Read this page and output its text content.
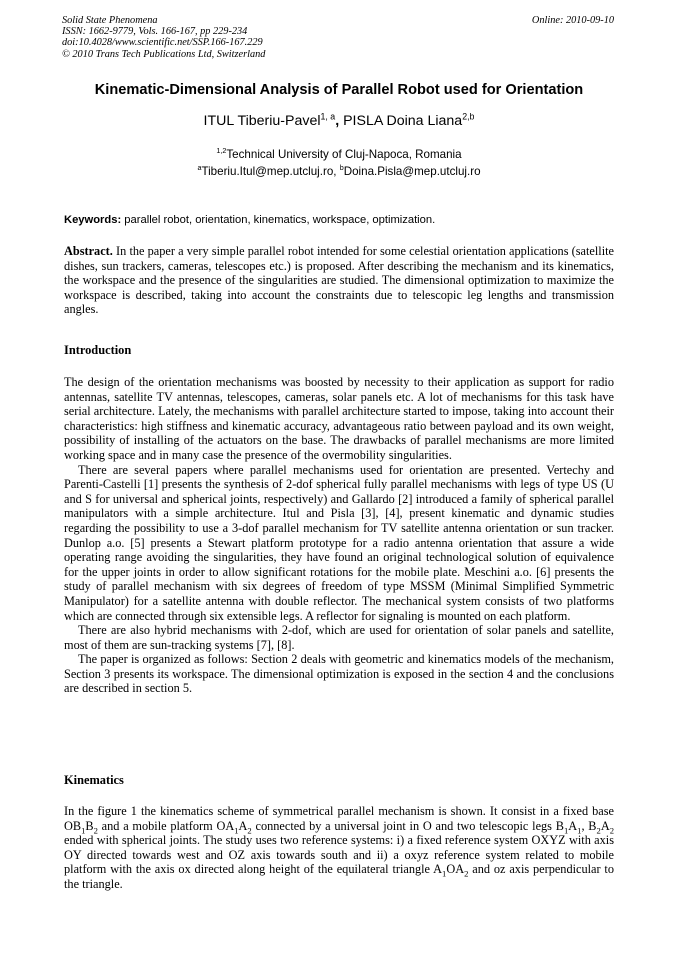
Solid State Phenomena
ISSN: 1662-9779, Vols. 166-167, pp 229-234
doi:10.4028/www.scientific.net/SSP.166-167.229
© 2010 Trans Tech Publications Ltd, Switzerland
Online: 2010-09-10
Kinematic-Dimensional Analysis of Parallel Robot used for Orientation
ITUL Tiberiu-Pavel$^{1, a}$, PISLA Doina Liana$^{2,b}$
$^{1,2}$Technical University of Cluj-Napoca, Romania
$^a$Tiberiu.Itul@mep.utcluj.ro, $^b$Doina.Pisla@mep.utcluj.ro
Keywords: parallel robot, orientation, kinematics, workspace, optimization.
Abstract. In the paper a very simple parallel robot intended for some celestial orientation applications (satellite dishes, sun trackers, cameras, telescopes etc.) is proposed. After describing the mechanism and its kinematics, the workspace and the presence of the singularities are studied. The dimensional optimization to maximize the workspace is described, taking into account the constraints due to telescopic leg lengths and transmission angles.
Introduction

The design of the orientation mechanisms was boosted by necessity to their application as support for radio antennas, satellite TV antennas, telescopes, cameras, solar panels etc. A lot of mechanisms for this task have serial architecture. Lately, the mechanisms with parallel architecture started to impose, taking into account their characteristics: high stiffness and kinematic accuracy, advantageous ratio between payload and its own weight, possibility of installing of the actuators on the base. The drawbacks of parallel mechanisms are more limited working space and in many case the presence of the overmobility singularities.

There are several papers where parallel mechanisms used for orientation are presented. Vertechy and Parenti-Castelli [1] presents the synthesis of 2-dof spherical fully parallel mechanisms with legs of type US (U and S for universal and spherical joints, respectively) and Gallardo [2] introduced a family of spherical parallel manipulators with a simple architecture. Itul and Pisla [3], [4], present kinematic and dynamic studies regarding the possibility to use a 3-dof parallel mechanism for TV satellite antenna orientation or sun tracker. Dunlop a.o. [5] presents a Stewart platform prototype for a radio antenna orientation that assure a wide operating range avoiding the singularities, they have found an original technological solution of equivalence for the upper joints in order to allow significant rotations for the mobile plate. Meschini a.o. [6] presents the study of parallel mechanism with six degrees of freedom of type MSSM (Minimal Simplified Symmetric Manipulator) for a satellite antenna with double reflector. The mechanical system consists of two platforms which are connected through six extensible legs. A reflector for signaling is mounted on each platform.

There are also hybrid mechanisms with 2-dof, which are used for orientation of solar panels and satellite, most of them are sun-tracking systems [7], [8].

The paper is organized as follows: Section 2 deals with geometric and kinematics models of the mechanism, Section 3 presents its workspace. The dimensional optimization is exposed in the section 4 and the conclusions are described in section 5.

Kinematics

In the figure 1 the kinematics scheme of symmetrical parallel mechanism is shown. It consist in a fixed base $OB_1B_2$ and a mobile platform $OA_1A_2$ connected by a universal joint in O and two telescopic legs $B_1A_1$, $B_2A_2$ ended with spherical joints. The study uses two reference systems: i) a fixed reference system OXYZ with axis OY directed towards west and OZ axis towards south and ii) a oxyz reference system related to mobile platform with the axis ox directed along height of the equilateral triangle $A_1OA_2$ and oz axis perpendicular to the triangle.
